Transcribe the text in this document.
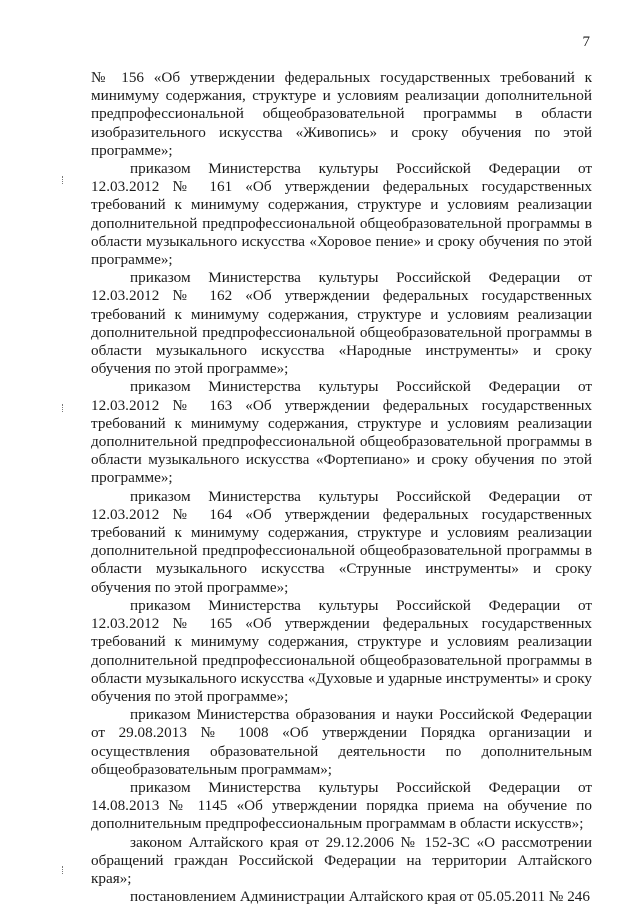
7

№ 156 «Об утверждении федеральных государственных требований к минимуму содержания, структуре и условиям реализации дополнительной предпрофессиональной общеобразовательной программы в области изобразительного искусства «Живопись» и сроку обучения по этой программе»;

приказом Министерства культуры Российской Федерации от 12.03.2012 № 161 «Об утверждении федеральных государственных требований к минимуму содержания, структуре и условиям реализации дополнительной предпрофессиональной общеобразовательной программы в области музыкального искусства «Хоровое пение» и сроку обучения по этой программе»;

приказом Министерства культуры Российской Федерации от 12.03.2012 № 162 «Об утверждении федеральных государственных требований к минимуму содержания, структуре и условиям реализации дополнительной предпрофессиональной общеобразовательной программы в области музыкального искусства «Народные инструменты» и сроку обучения по этой программе»;

приказом Министерства культуры Российской Федерации от 12.03.2012 № 163 «Об утверждении федеральных государственных требований к минимуму содержания, структуре и условиям реализации дополнительной предпрофессиональной общеобразовательной программы в области музыкального искусства «Фортепиано» и сроку обучения по этой программе»;

приказом Министерства культуры Российской Федерации от 12.03.2012 № 164 «Об утверждении федеральных государственных требований к минимуму содержания, структуре и условиям реализации дополнительной предпрофессиональной общеобразовательной программы в области музыкального искусства «Струнные инструменты» и сроку обучения по этой программе»;

приказом Министерства культуры Российской Федерации от 12.03.2012 № 165 «Об утверждении федеральных государственных требований к минимуму содержания, структуре и условиям реализации дополнительной предпрофессиональной общеобразовательной программы в области музыкального искусства «Духовые и ударные инструменты» и сроку обучения по этой программе»;

приказом Министерства образования и науки Российской Федерации от 29.08.2013 № 1008 «Об утверждении Порядка организации и осуществления образовательной деятельности по дополнительным общеобразовательным программам»;

приказом Министерства культуры Российской Федерации от 14.08.2013 № 1145 «Об утверждении порядка приема на обучение по дополнительным предпрофессиональным программам в области искусств»;

законом Алтайского края от 29.12.2006 № 152-ЗС «О рассмотрении обращений граждан Российской Федерации на территории Алтайского края»;

постановлением Администрации Алтайского края от 05.05.2011 № 246
